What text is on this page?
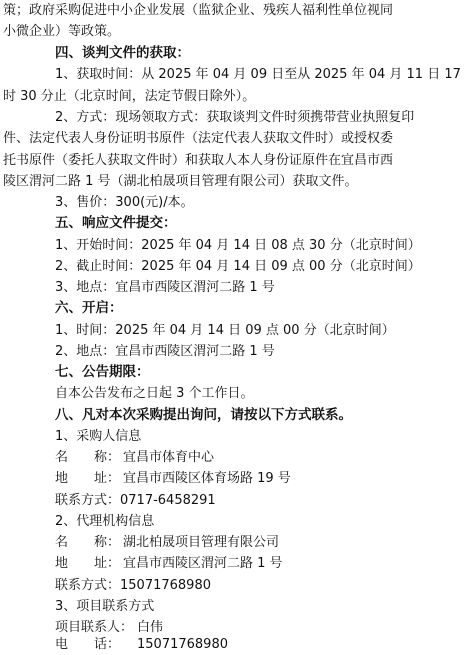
策；政府采购促进中小企业发展（监狱企业、残疾人福利性单位视同
小微企业）等政策。
四、谈判文件的获取：
1、获取时间：从 2025 年 04 月 09 日至从 2025 年 04 月 11 日 17
时 30 分止（北京时间，法定节假日除外）。
2、方式：现场领取方式：获取谈判文件时须携带营业执照复印
件、法定代表人身份证明书原件（法定代表人获取文件时）或授权委
托书原件（委托人获取文件时）和获取人本人身份证原件在宜昌市西
陵区渭河二路 1 号（湖北柏晟项目管理有限公司）获取文件。
3、售价：300(元)/本。
五、响应文件提交：
1、开始时间：2025 年 04 月 14 日 08 点 30 分（北京时间）
2、截止时间：2025 年 04 月 14 日 09 点 00 分（北京时间）
3、地点：宜昌市西陵区渭河二路 1 号
六、开启：
1、时间：2025 年 04 月 14 日 09 点 00 分（北京时间）
2、地点：宜昌市西陵区渭河二路 1 号
七、公告期限：
自本公告发布之日起 3 个工作日。
八、凡对本次采购提出询问，请按以下方式联系。
1、采购人信息
名　　称： 宜昌市体育中心
地　　址： 宜昌市西陵区体育场路 19 号
联系方式：0717-6458291
2、代理机构信息
名　　称： 湖北柏晟项目管理有限公司
地　　址： 宜昌市西陵区渭河二路 1 号
联系方式：15071768980
3、项目联系方式
项目联系人： 白伟
电　　话： 15071768980
